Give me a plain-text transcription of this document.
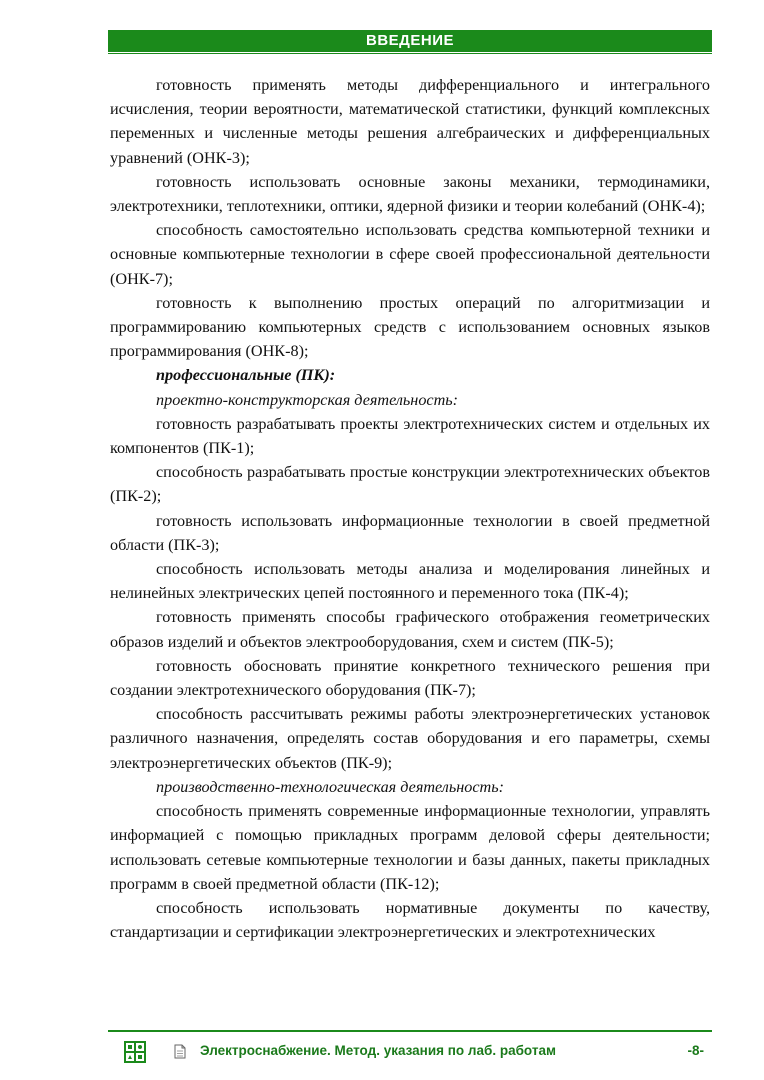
ВВЕДЕНИЕ

готовность применять методы дифференциального и интегрального исчисления, теории вероятности, математической статистики, функций комплексных переменных и численные методы решения алгебраических и дифференциальных уравнений (ОНК-3);

готовность использовать основные законы механики, термодинамики, электротехники, теплотехники, оптики, ядерной физики и теории колебаний (ОНК-4);

способность самостоятельно использовать средства компьютерной техники и основные компьютерные технологии в сфере своей профессиональной деятельности (ОНК-7);

готовность к выполнению простых операций по алгоритмизации и программированию компьютерных средств с использованием основных языков программирования (ОНК-8);

профессиональные (ПК):

проектно-конструкторская деятельность:

готовность разрабатывать проекты электротехнических систем и отдельных их компонентов (ПК-1);

способность разрабатывать простые конструкции электротехнических объектов (ПК-2);

готовность использовать информационные технологии в своей предметной области (ПК-3);

способность использовать методы анализа и моделирования линейных и нелинейных электрических цепей постоянного и переменного тока (ПК-4);

готовность применять способы графического отображения геометрических образов изделий и объектов электрооборудования, схем и систем (ПК-5);

готовность обосновать принятие конкретного технического решения при создании электротехнического оборудования (ПК-7);

способность рассчитывать режимы работы электроэнергетических установок различного назначения, определять состав оборудования и его параметры, схемы электроэнергетических объектов (ПК-9);

производственно-технологическая деятельность:

способность применять современные информационные технологии, управлять информацией с помощью прикладных программ деловой сферы деятельности; использовать сетевые компьютерные технологии и базы данных, пакеты прикладных программ в своей предметной области (ПК-12);

способность использовать нормативные документы по качеству, стандартизации и сертификации электроэнергетических и электротехнических

Электроснабжение. Метод. указания по лаб. работам	-8-
